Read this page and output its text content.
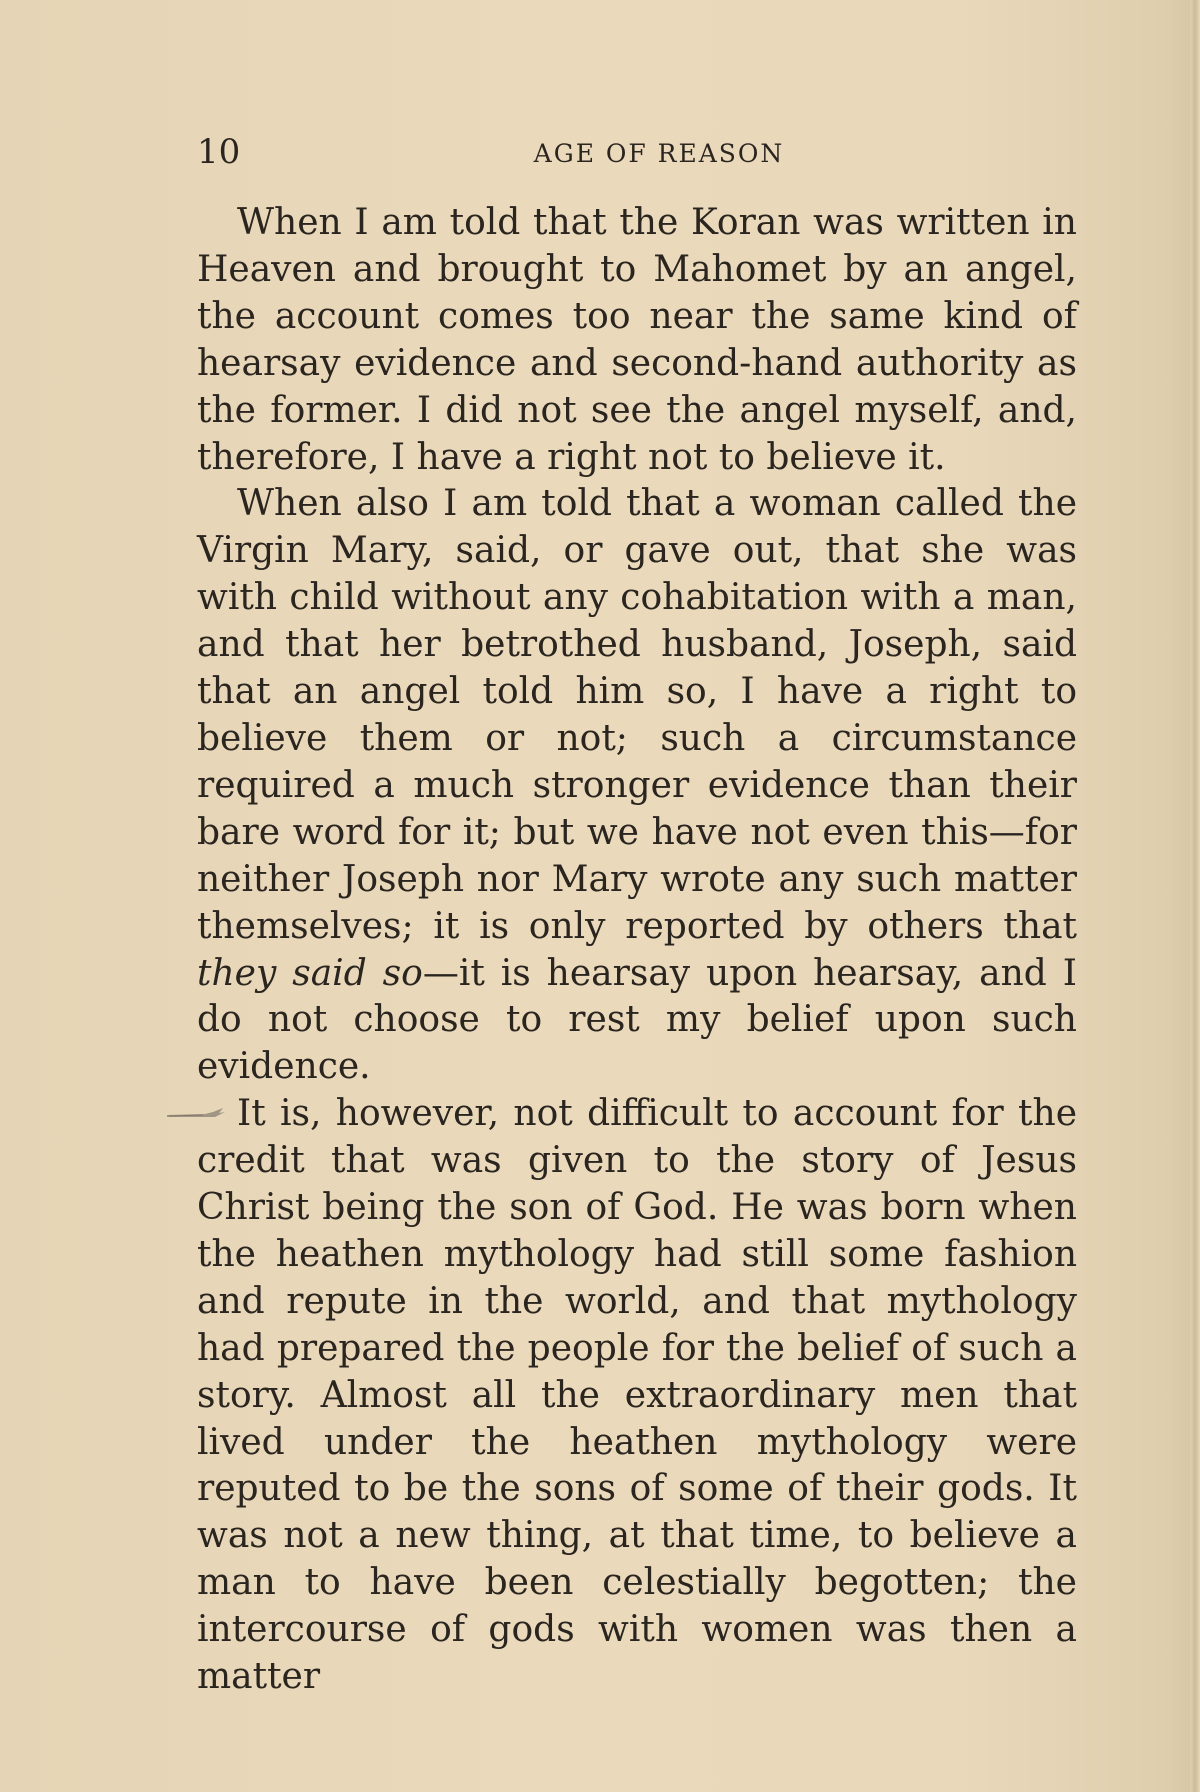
10	AGE OF REASON

When I am told that the Koran was written in Heaven and brought to Mahomet by an angel, the account comes too near the same kind of hearsay evidence and second-hand authority as the former. I did not see the angel myself, and, therefore, I have a right not to believe it.

When also I am told that a woman called the Virgin Mary, said, or gave out, that she was with child without any cohabitation with a man, and that her betrothed husband, Joseph, said that an angel told him so, I have a right to believe them or not; such a circumstance required a much stronger evidence than their bare word for it; but we have not even this—for neither Joseph nor Mary wrote any such matter themselves; it is only reported by others that they said so—it is hearsay upon hearsay, and I do not choose to rest my belief upon such evidence.

It is, however, not difficult to account for the credit that was given to the story of Jesus Christ being the son of God. He was born when the heathen mythology had still some fashion and repute in the world, and that mythology had prepared the people for the belief of such a story. Almost all the extraordinary men that lived under the heathen mythology were reputed to be the sons of some of their gods. It was not a new thing, at that time, to believe a man to have been celestially begotten; the intercourse of gods with women was then a matter
